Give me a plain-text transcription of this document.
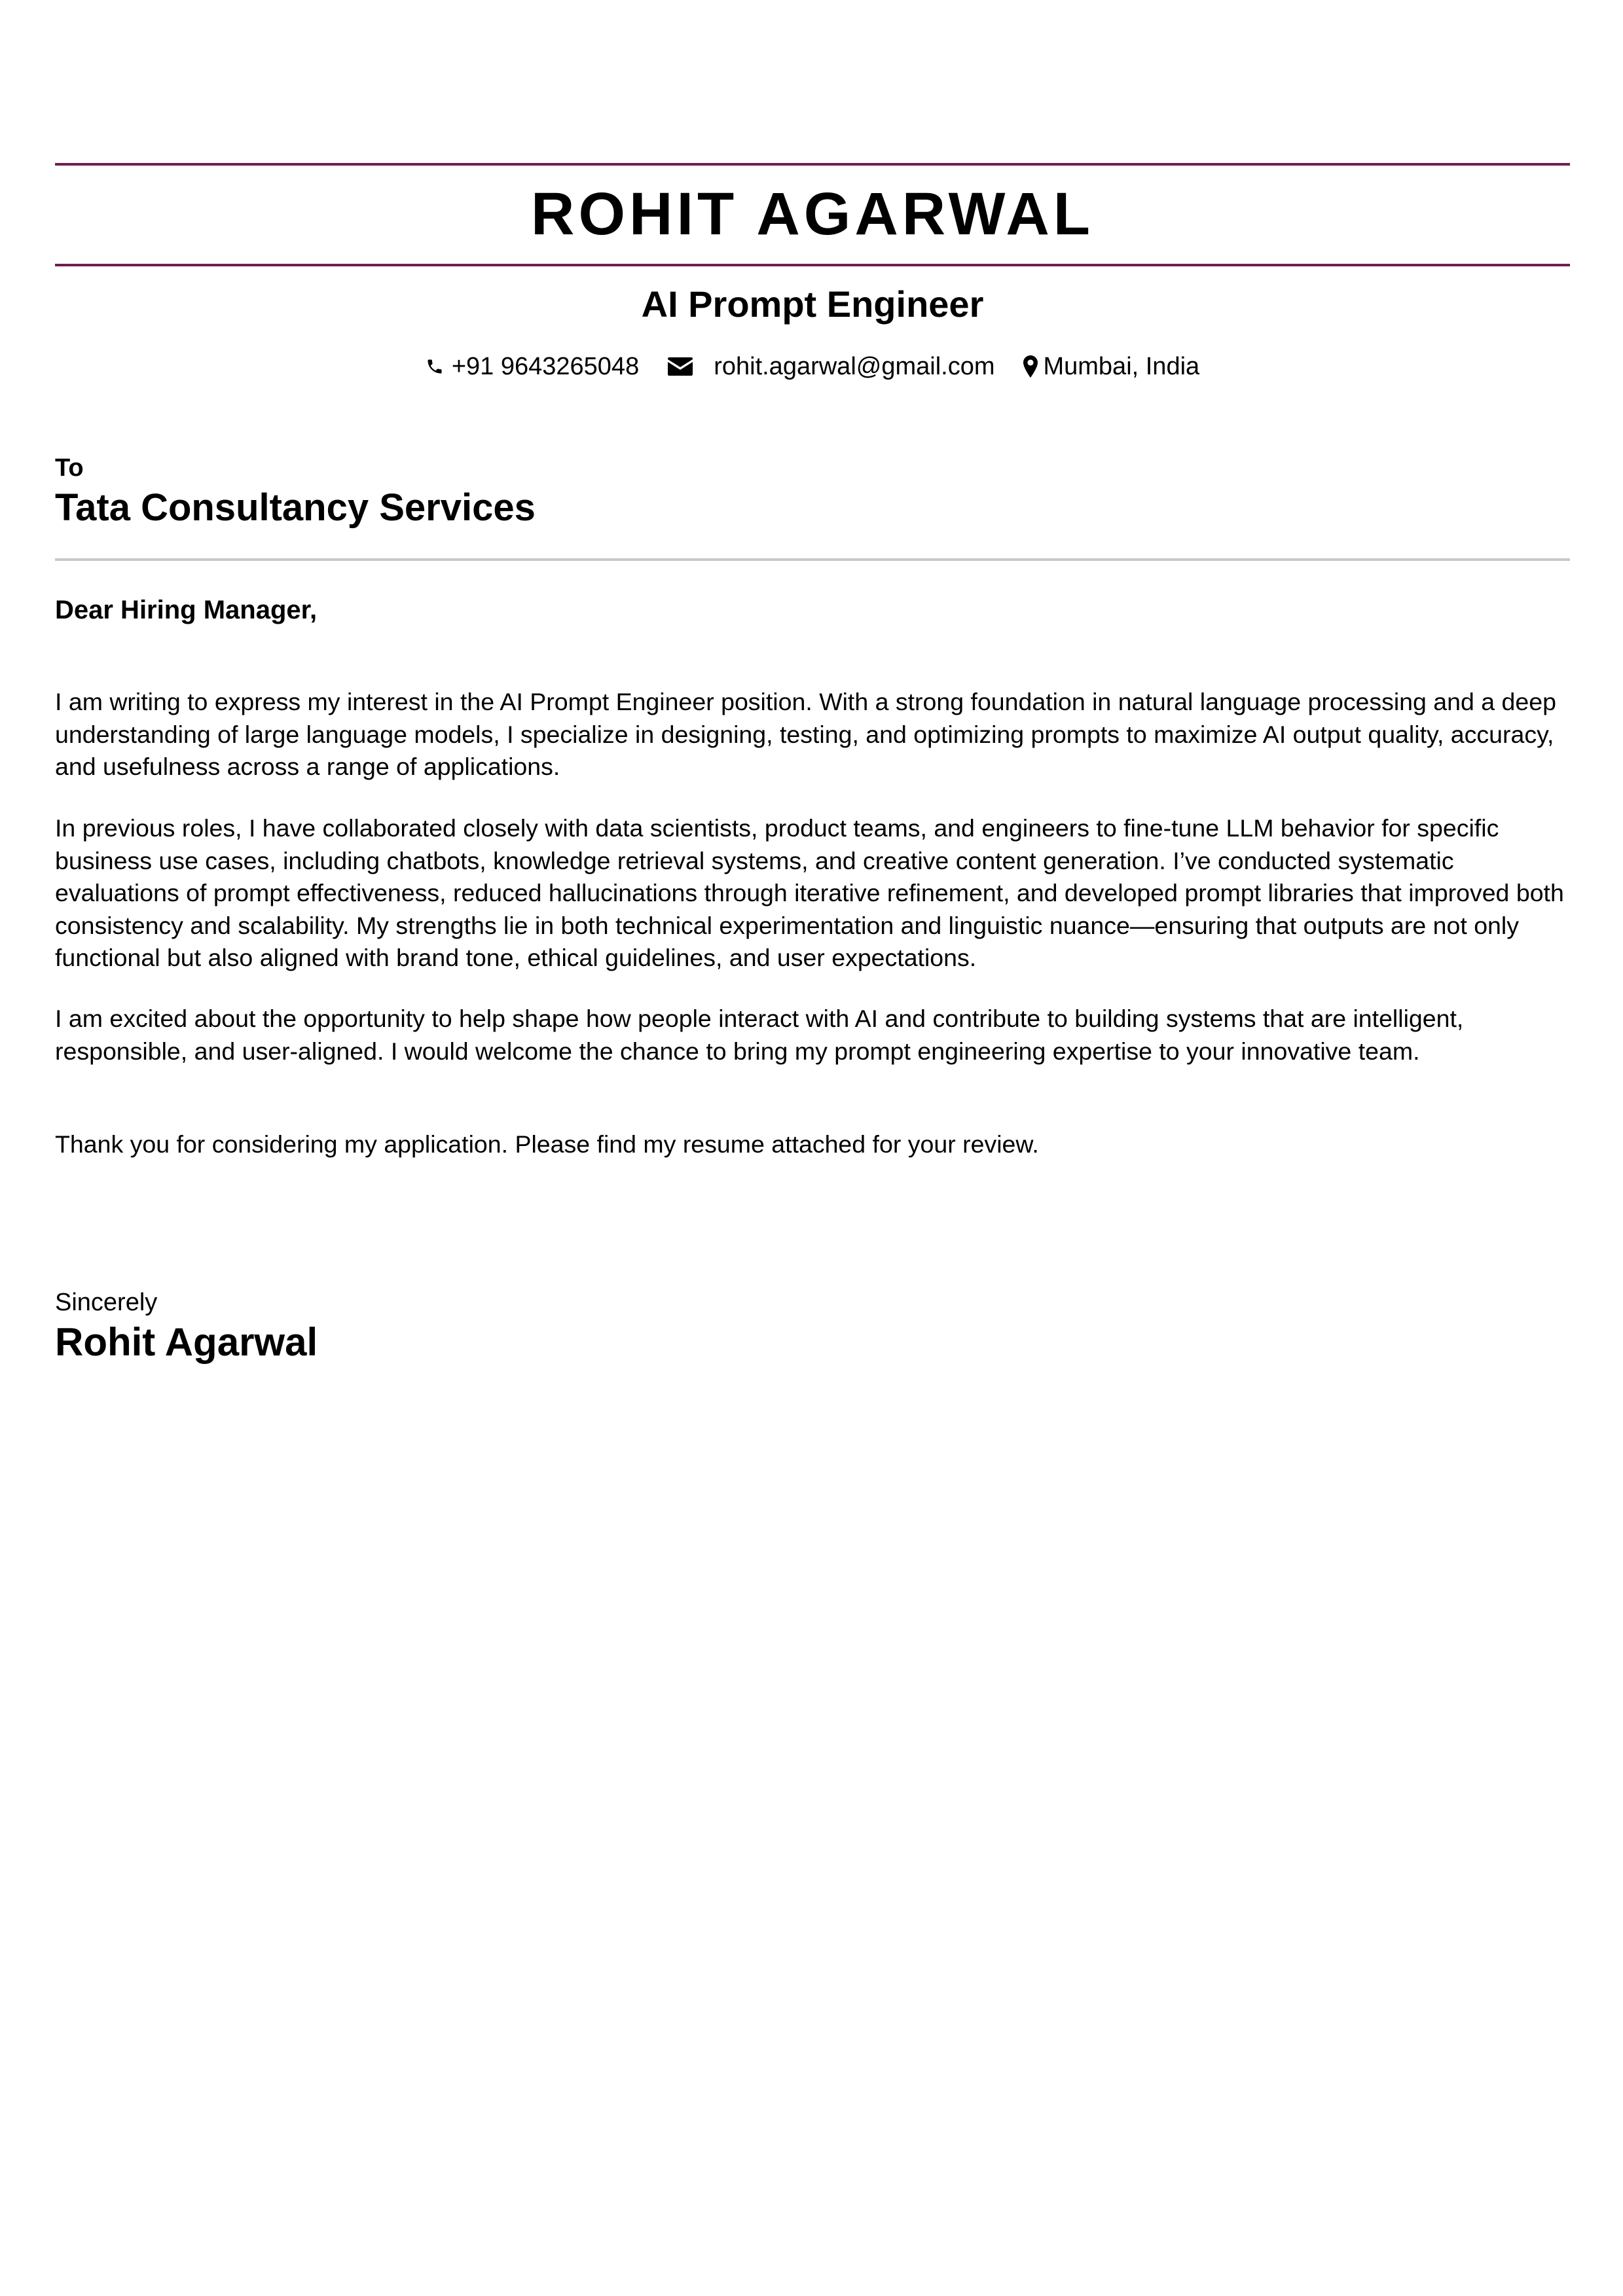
ROHIT AGARWAL
AI Prompt Engineer
+91 9643265048	rohit.agarwal@gmail.com Mumbai, India
To
Tata Consultancy Services
Dear Hiring Manager,
I am writing to express my interest in the AI Prompt Engineer position. With a strong foundation in natural language processing and a deep understanding of large language models, I specialize in designing, testing, and optimizing prompts to maximize AI output quality, accuracy, and usefulness across a range of applications.
In previous roles, I have collaborated closely with data scientists, product teams, and engineers to fine-tune LLM behavior for specific business use cases, including chatbots, knowledge retrieval systems, and creative content generation. I’ve conducted systematic evaluations of prompt effectiveness, reduced hallucinations through iterative refinement, and developed prompt libraries that improved both consistency and scalability. My strengths lie in both technical experimentation and linguistic nuance—ensuring that outputs are not only functional but also aligned with brand tone, ethical guidelines, and user expectations.
I am excited about the opportunity to help shape how people interact with AI and contribute to building systems that are intelligent, responsible, and user-aligned. I would welcome the chance to bring my prompt engineering expertise to your innovative team.
Thank you for considering my application. Please find my resume attached for your review.
Sincerely
Rohit Agarwal
